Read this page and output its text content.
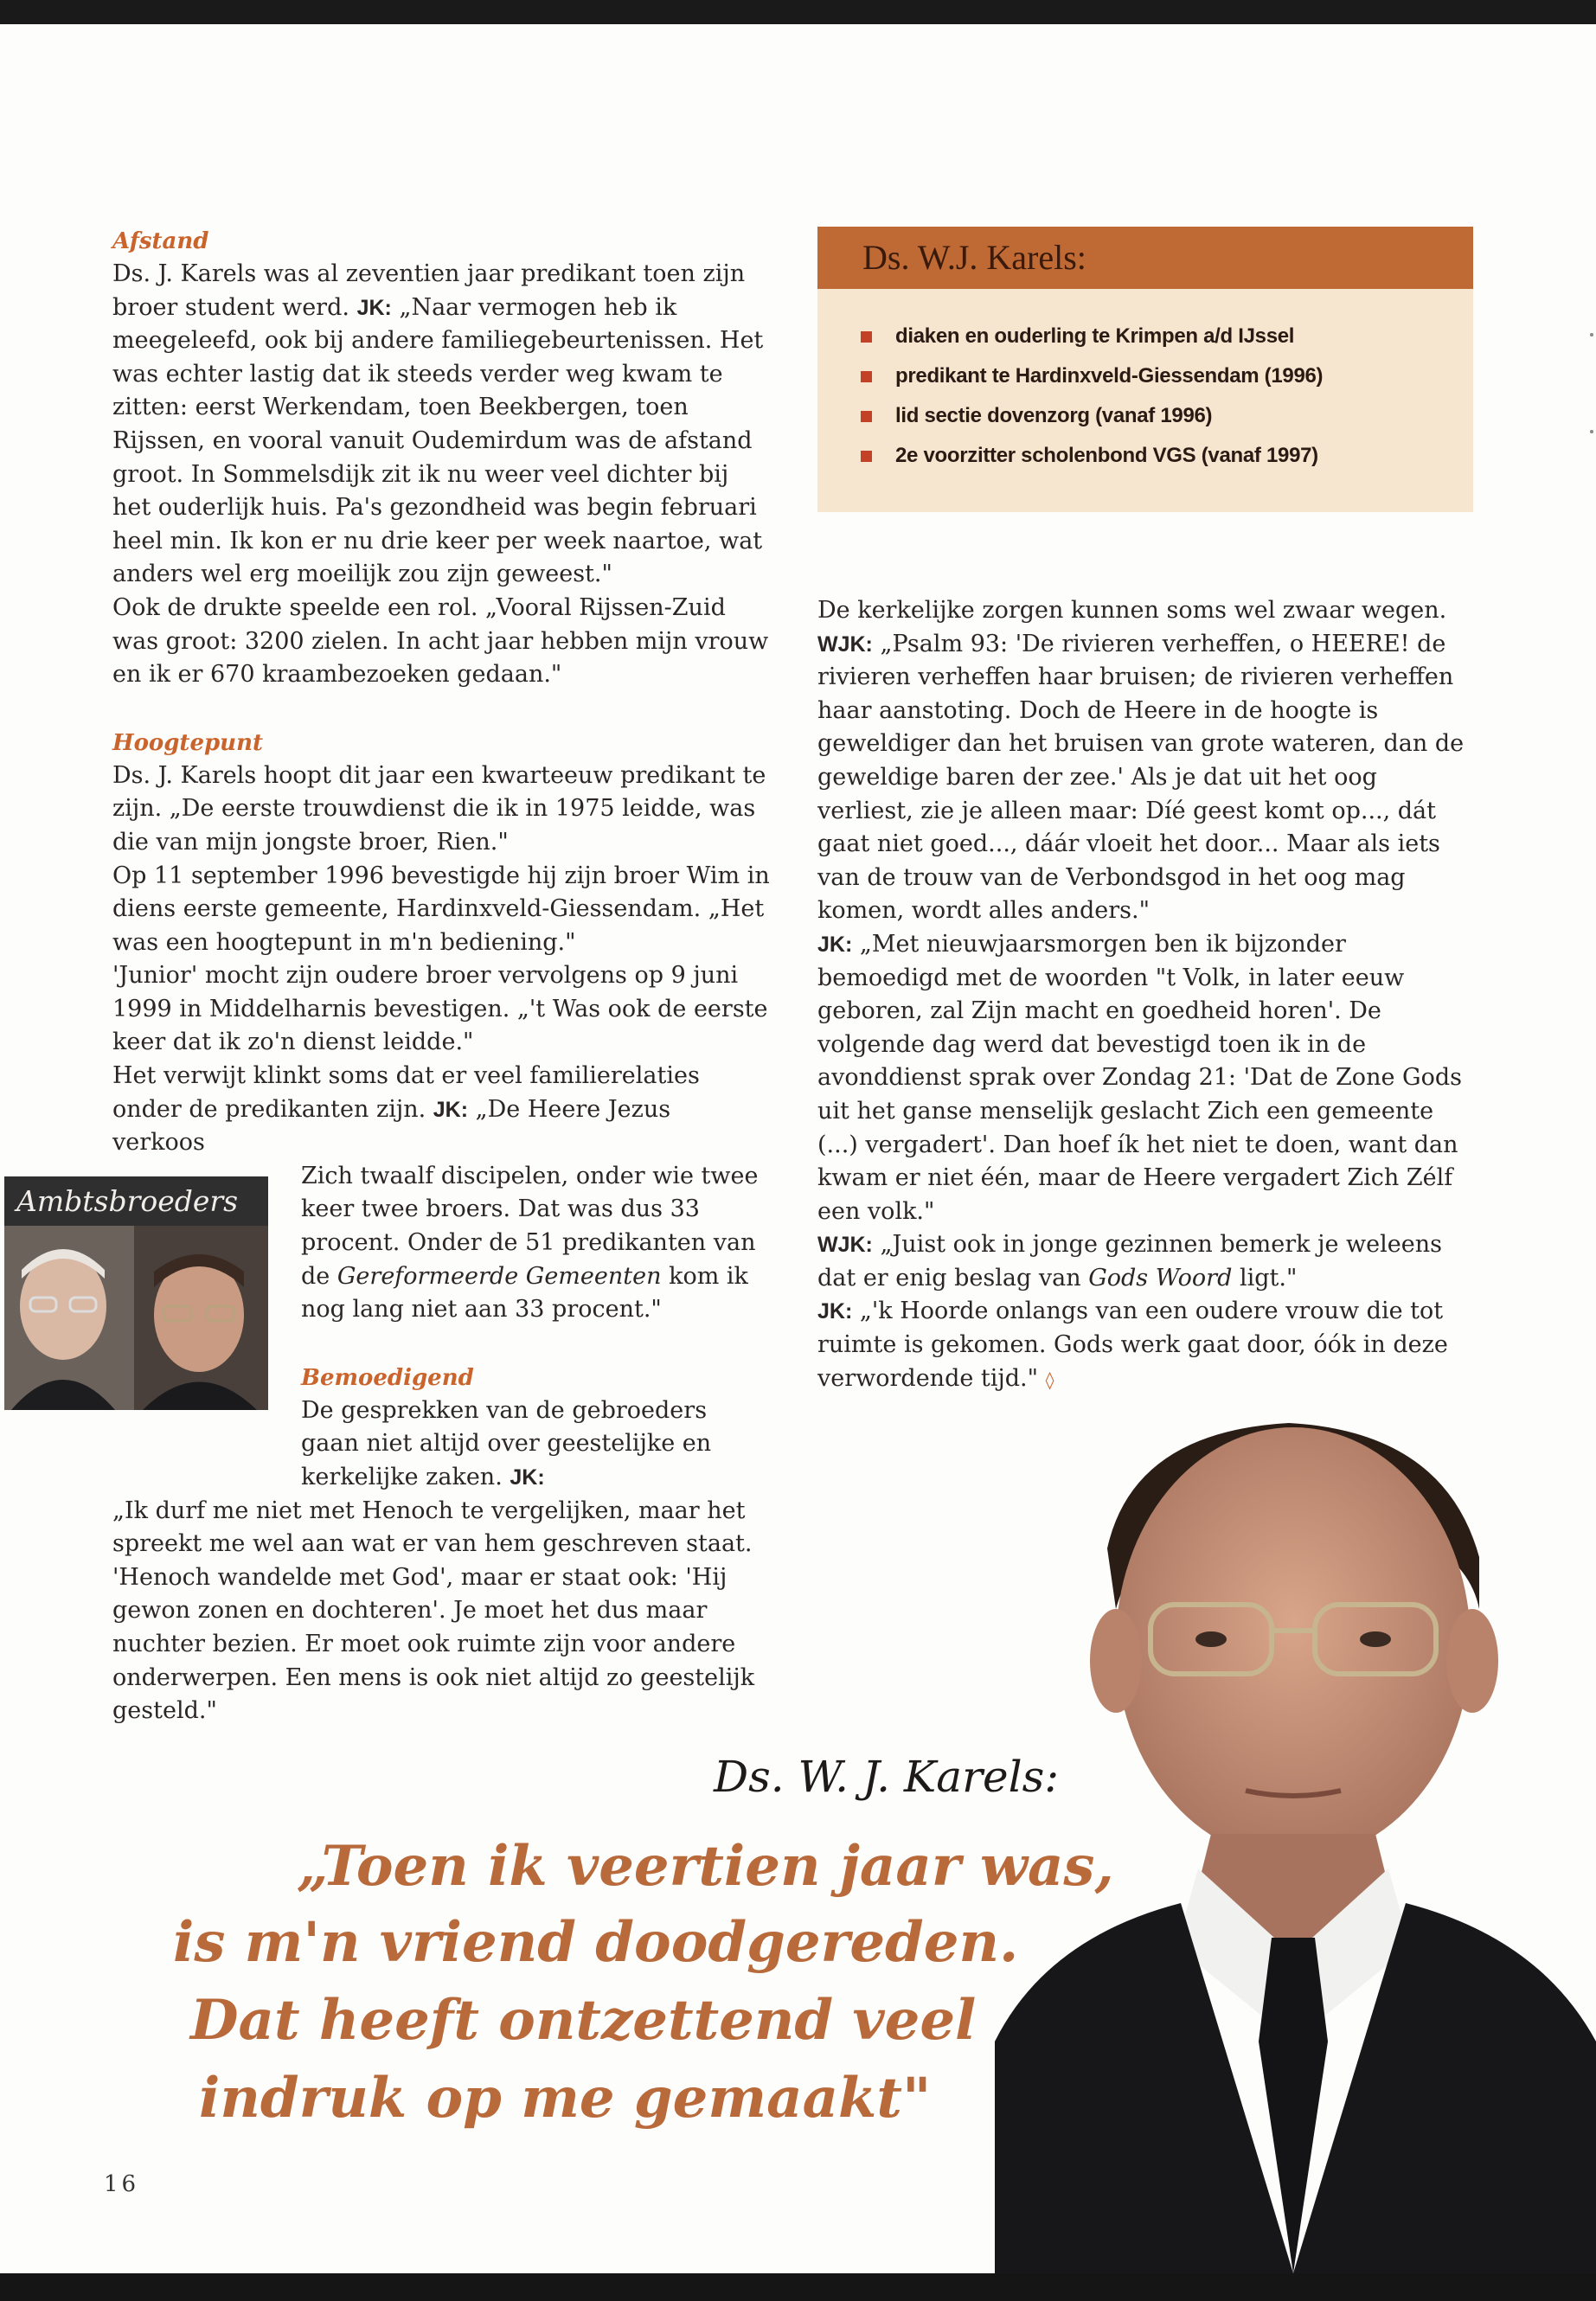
Afstand

Ds. J. Karels was al zeventien jaar predikant toen zijn broer student werd. JK: „Naar vermogen heb ik meegeleefd, ook bij andere familiegebeurtenissen. Het was echter lastig dat ik steeds verder weg kwam te zitten: eerst Werkendam, toen Beekbergen, toen Rijssen, en vooral vanuit Oudemirdum was de afstand groot. In Sommelsdijk zit ik nu weer veel dichter bij het ouderlijk huis. Pa's gezondheid was begin februari heel min. Ik kon er nu drie keer per week naartoe, wat anders wel erg moeilijk zou zijn geweest."

Ook de drukte speelde een rol. „Vooral Rijssen-Zuid was groot: 3200 zielen. In acht jaar hebben mijn vrouw en ik er 670 kraambezoeken gedaan."

Hoogtepunt

Ds. J. Karels hoopt dit jaar een kwarteeuw predikant te zijn. „De eerste trouwdienst die ik in 1975 leidde, was die van mijn jongste broer, Rien."

Op 11 september 1996 bevestigde hij zijn broer Wim in diens eerste gemeente, Hardinxveld-Giessendam. „Het was een hoogtepunt in m'n bediening."

'Junior' mocht zijn oudere broer vervolgens op 9 juni 1999 in Middelharnis bevestigen. „'t Was ook de eerste keer dat ik zo'n dienst leidde."

Het verwijt klinkt soms dat er veel familierelaties onder de predikanten zijn. JK: „De Heere Jezus verkoos

Zich twaalf discipelen, onder wie twee keer twee broers. Dat was dus 33 procent. Onder de 51 predikanten van de Gereformeerde Gemeenten kom ik nog lang niet aan 33 procent."

Bemoedigend

De gesprekken van de gebroeders gaan niet altijd over geestelijke en kerkelijke zaken. JK:
„Ik durf me niet met Henoch te vergelijken, maar het spreekt me wel aan wat er van hem geschreven staat. 'Henoch wandelde met God', maar er staat ook: 'Hij gewon zonen en dochteren'. Je moet het dus maar nuchter bezien. Er moet ook ruimte zijn voor andere onderwerpen. Een mens is ook niet altijd zo geestelijk gesteld."

Ds. W.J. Karels:
diaken en ouderling te Krimpen a/d IJssel
predikant te Hardinxveld-Giessendam (1996)
lid sectie dovenzorg (vanaf 1996)
2e voorzitter scholenbond VGS (vanaf 1997)

De kerkelijke zorgen kunnen soms wel zwaar wegen.

WJK: „Psalm 93: 'De rivieren verheffen, o HEERE! de rivieren verheffen haar bruisen; de rivieren verheffen haar aanstoting. Doch de Heere in de hoogte is geweldiger dan het bruisen van grote wateren, dan de geweldige baren der zee.' Als je dat uit het oog verliest, zie je alleen maar: Díé geest komt op..., dát gaat niet goed..., dáár vloeit het door... Maar als iets van de trouw van de Verbondsgod in het oog mag komen, wordt alles anders."

JK: „Met nieuwjaarsmorgen ben ik bijzonder bemoedigd met de woorden "t Volk, in later eeuw geboren, zal Zijn macht en goedheid horen'. De volgende dag werd dat bevestigd toen ik in de avonddienst sprak over Zondag 21: 'Dat de Zone Gods uit het ganse menselijk geslacht Zich een gemeente (...) vergadert'. Dan hoef ík het niet te doen, want dan kwam er niet één, maar de Heere vergadert Zich Zélf een volk."

WJK: „Juist ook in jonge gezinnen bemerk je weleens dat er enig beslag van Gods Woord ligt."

JK: „'k Hoorde onlangs van een oudere vrouw die tot ruimte is gekomen. Gods werk gaat door, óók in deze verwordende tijd." ◊

Ambtsbroeders
Ds. W. J. Karels:
„Toen ik veertien jaar was,
is m'n vriend doodgereden.
Dat heeft ontzettend veel
indruk op me gemaakt"
16
